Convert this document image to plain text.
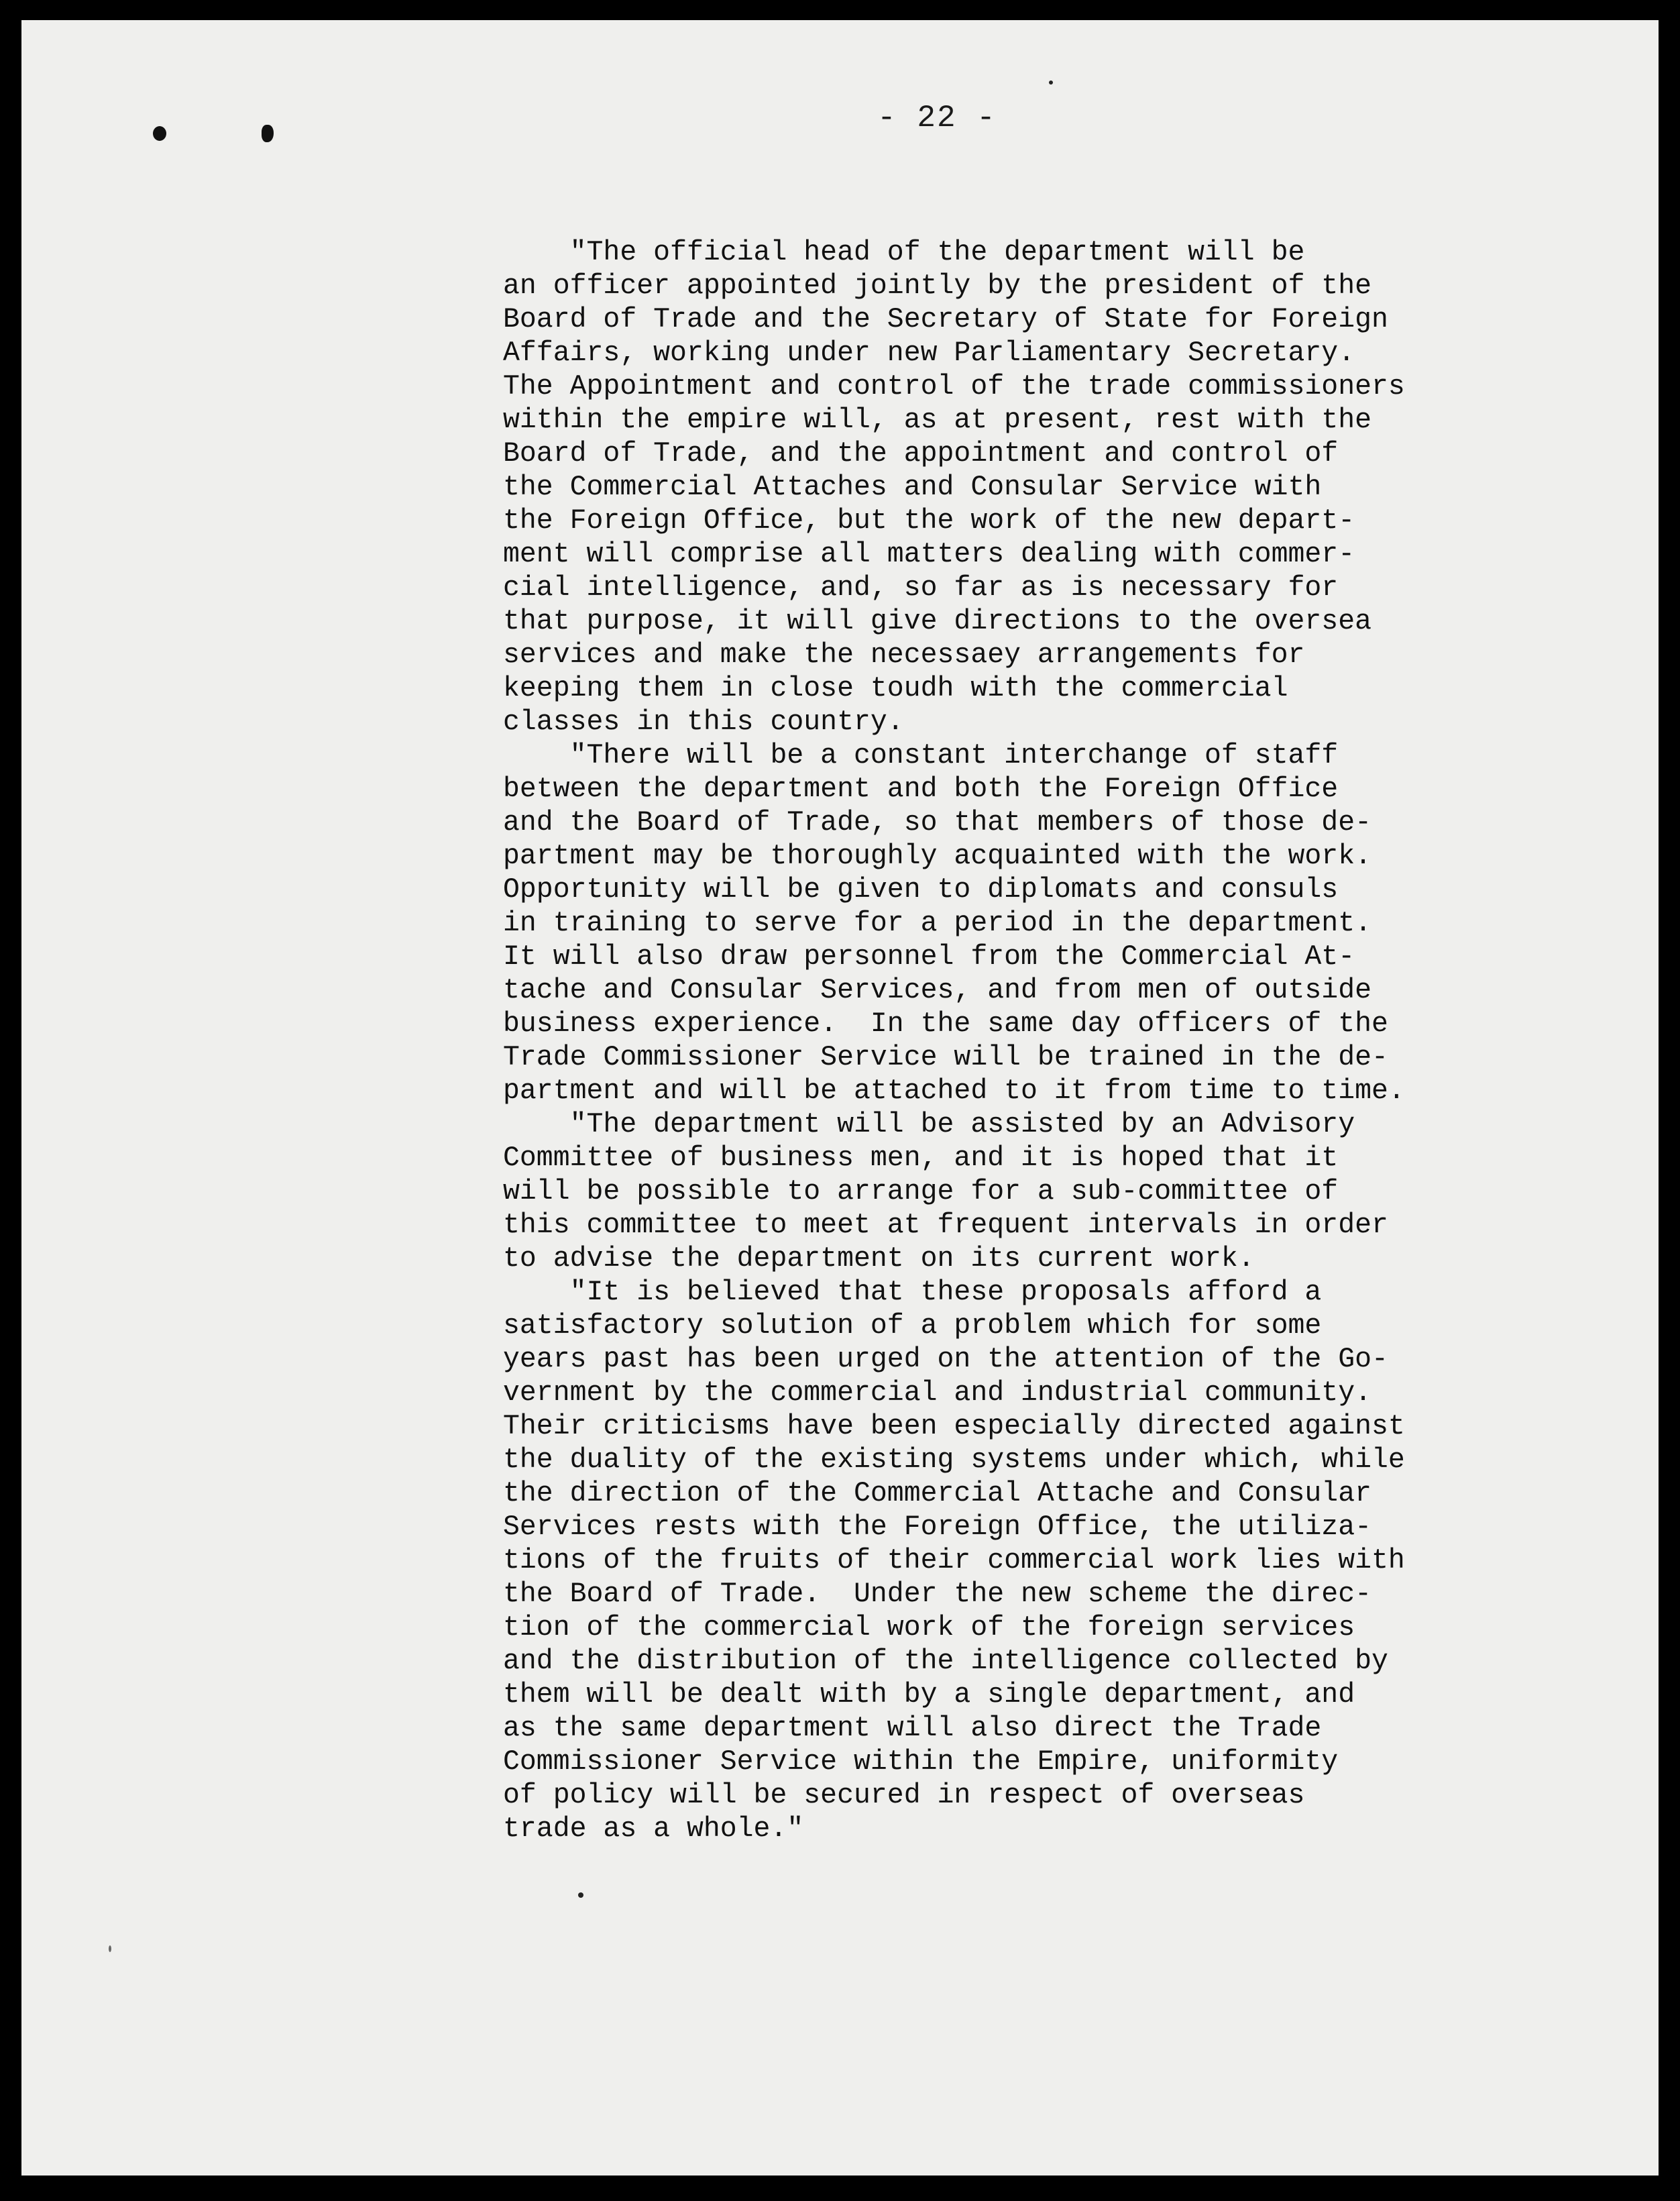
- 22 -

"The official head of the department will be
an officer appointed jointly by the president of the
Board of Trade and the Secretary of State for Foreign
Affairs, working under new Parliamentary Secretary.
The Appointment and control of the trade commissioners
within the empire will, as at present, rest with the
Board of Trade, and the appointment and control of
the Commercial Attaches and Consular Service with
the Foreign Office, but the work of the new depart-
ment will comprise all matters dealing with commer-
cial intelligence, and, so far as is necessary for
that purpose, it will give directions to the oversea
services and make the necessaey arrangements for
keeping them in close toudh with the commercial
classes in this country.

"There will be a constant interchange of staff
between the department and both the Foreign Office
and the Board of Trade, so that members of those de-
partment may be thoroughly acquainted with the work.
Opportunity will be given to diplomats and consuls
in training to serve for a period in the department.
It will also draw personnel from the Commercial At-
tache and Consular Services, and from men of outside
business experience.  In the same day officers of the
Trade Commissioner Service will be trained in the de-
partment and will be attached to it from time to time.

"The department will be assisted by an Advisory
Committee of business men, and it is hoped that it
will be possible to arrange for a sub-committee of
this committee to meet at frequent intervals in order
to advise the department on its current work.

"It is believed that these proposals afford a
satisfactory solution of a problem which for some
years past has been urged on the attention of the Go-
vernment by the commercial and industrial community.
Their criticisms have been especially directed against
the duality of the existing systems under which, while
the direction of the Commercial Attache and Consular
Services rests with the Foreign Office, the utiliza-
tions of the fruits of their commercial work lies with
the Board of Trade.  Under the new scheme the direc-
tion of the commercial work of the foreign services
and the distribution of the intelligence collected by
them will be dealt with by a single department, and
as the same department will also direct the Trade
Commissioner Service within the Empire, uniformity
of policy will be secured in respect of overseas
trade as a whole."
